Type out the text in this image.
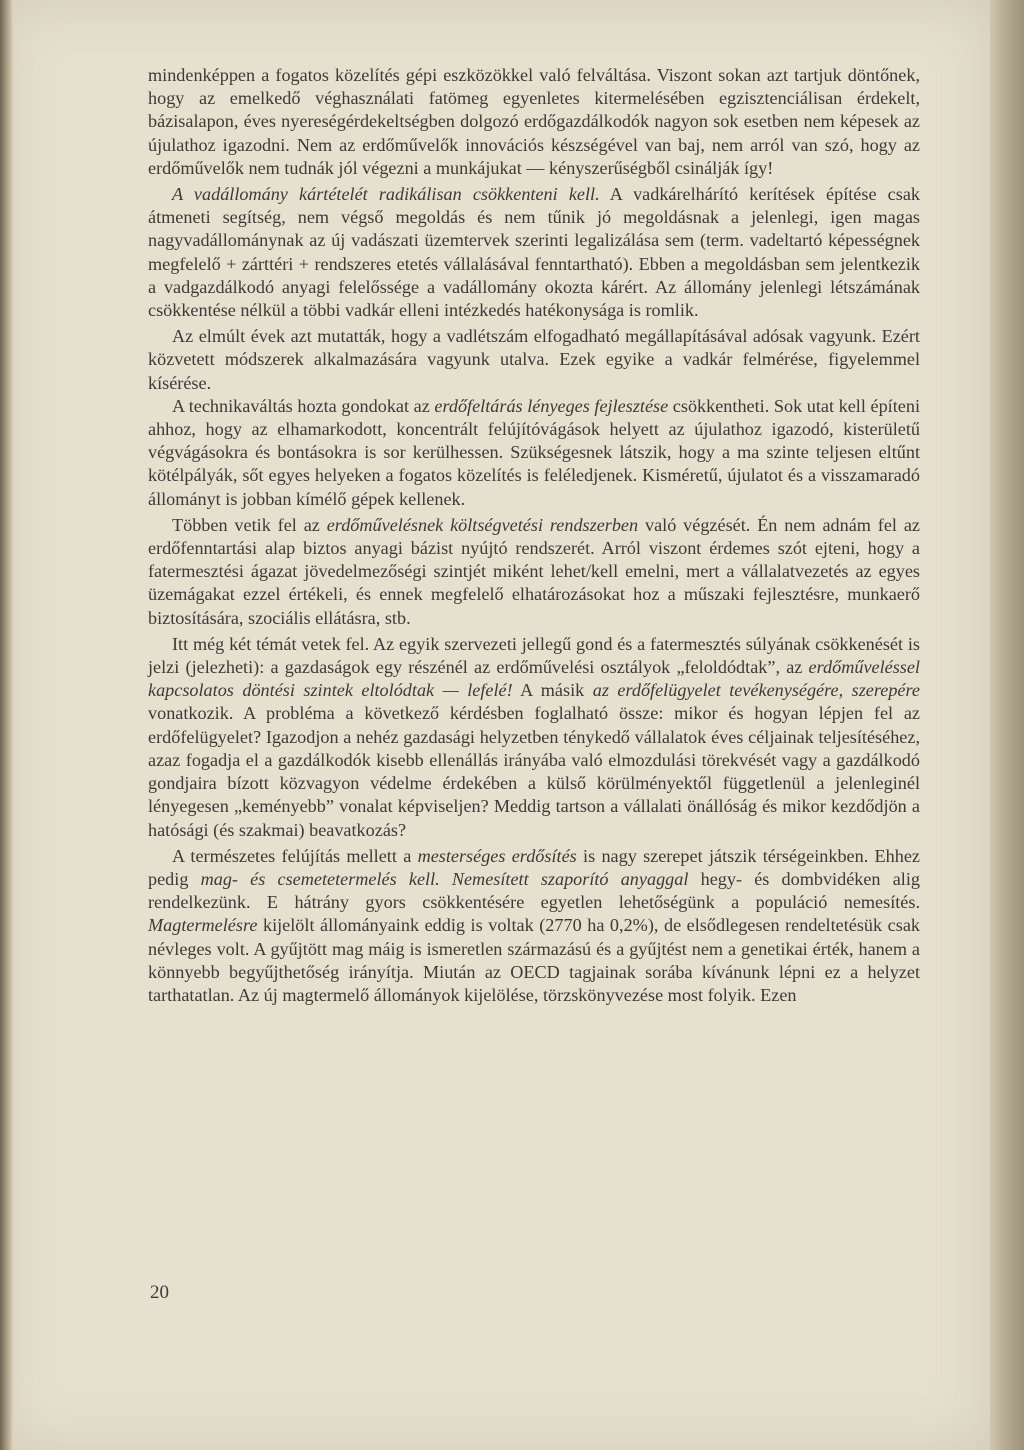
mindenképpen a fogatos közelítés gépi eszközökkel való felváltása. Viszont sokan azt tartjuk döntőnek, hogy az emelkedő véghasználati fatömeg egyenletes kitermelésében egzisztenciálisan érdekelt, bázisalapon, éves nyereségérdekeltségben dolgozó erdőgazdálkodók nagyon sok esetben nem képesek az újulathoz igazodni. Nem az erdőművelők innovációs készségével van baj, nem arról van szó, hogy az erdőművelők nem tudnák jól végezni a munkájukat — kényszerűségből csinálják így!

A vadállomány kártételét radikálisan csökkenteni kell. A vadkárelhárító kerítések építése csak átmeneti segítség, nem végső megoldás és nem tűnik jó megoldásnak a jelenlegi, igen magas nagyvadállománynak az új vadászati üzemtervek szerinti legalizálása sem (term. vadeltartó képességnek megfelelő + zárttéri + rendszeres etetés vállalásával fenntartható). Ebben a megoldásban sem jelentkezik a vadgazdálkodó anyagi felelőssége a vadállomány okozta kárért. Az állomány jelenlegi létszámának csökkentése nélkül a többi vadkár elleni intézkedés hatékonysága is romlik.

Az elmúlt évek azt mutatták, hogy a vadlétszám elfogadható megállapításával adósak vagyunk. Ezért közvetett módszerek alkalmazására vagyunk utalva. Ezek egyike a vadkár felmérése, figyelemmel kísérése.

A technikaváltás hozta gondokat az erdőfeltárás lényeges fejlesztése csökkentheti. Sok utat kell építeni ahhoz, hogy az elhamarkodott, koncentrált felújítóvágások helyett az újulathoz igazodó, kisterületű végvágásokra és bontásokra is sor kerülhessen. Szükségesnek látszik, hogy a ma szinte teljesen eltűnt kötélpályák, sőt egyes helyeken a fogatos közelítés is feléledjenek. Kisméretű, újulatot és a visszamaradó állományt is jobban kímélő gépek kellenek.

Többen vetik fel az erdőművelésnek költségvetési rendszerben való végzését. Én nem adnám fel az erdőfenntartási alap biztos anyagi bázist nyújtó rendszerét. Arról viszont érdemes szót ejteni, hogy a fatermesztési ágazat jövedelmezőségi szintjét miként lehet/kell emelni, mert a vállalatvezetés az egyes üzemágakat ezzel értékeli, és ennek megfelelő elhatározásokat hoz a műszaki fejlesztésre, munkaerő biztosítására, szociális ellátásra, stb.

Itt még két témát vetek fel. Az egyik szervezeti jellegű gond és a fatermesztés súlyának csökkenését is jelzi (jelezheti): a gazdaságok egy részénél az erdőművelési osztályok „feloldódtak”, az erdőműveléssel kapcsolatos döntési szintek eltolódtak — lefelé! A másik az erdőfelügyelet tevékenységére, szerepére vonatkozik. A probléma a következő kérdésben foglalható össze: mikor és hogyan lépjen fel az erdőfelügyelet? Igazodjon a nehéz gazdasági helyzetben ténykedő vállalatok éves céljainak teljesítéséhez, azaz fogadja el a gazdálkodók kisebb ellenállás irányába való elmozdulási törekvését vagy a gazdálkodó gondjaira bízott közvagyon védelme érdekében a külső körülményektől függetlenül a jelenleginél lényegesen „keményebb” vonalat képviseljen? Meddig tartson a vállalati önállóság és mikor kezdődjön a hatósági (és szakmai) beavatkozás?

A természetes felújítás mellett a mesterséges erdősítés is nagy szerepet játszik térségeinkben. Ehhez pedig mag- és csemetetermelés kell. Nemesített szaporító anyaggal hegy- és dombvidéken alig rendelkezünk. E hátrány gyors csökkentésére egyetlen lehetőségünk a populáció nemesítés. Magtermelésre kijelölt állományaink eddig is voltak (2770 ha 0,2%), de elsődlegesen rendeltetésük csak névleges volt. A gyűjtött mag máig is ismeretlen származású és a gyűjtést nem a genetikai érték, hanem a könnyebb begyűjthetőség irányítja. Miután az OECD tagjainak sorába kívánunk lépni ez a helyzet tarthatatlan. Az új magtermelő állományok kijelölése, törzskönyvezése most folyik. Ezen

20
